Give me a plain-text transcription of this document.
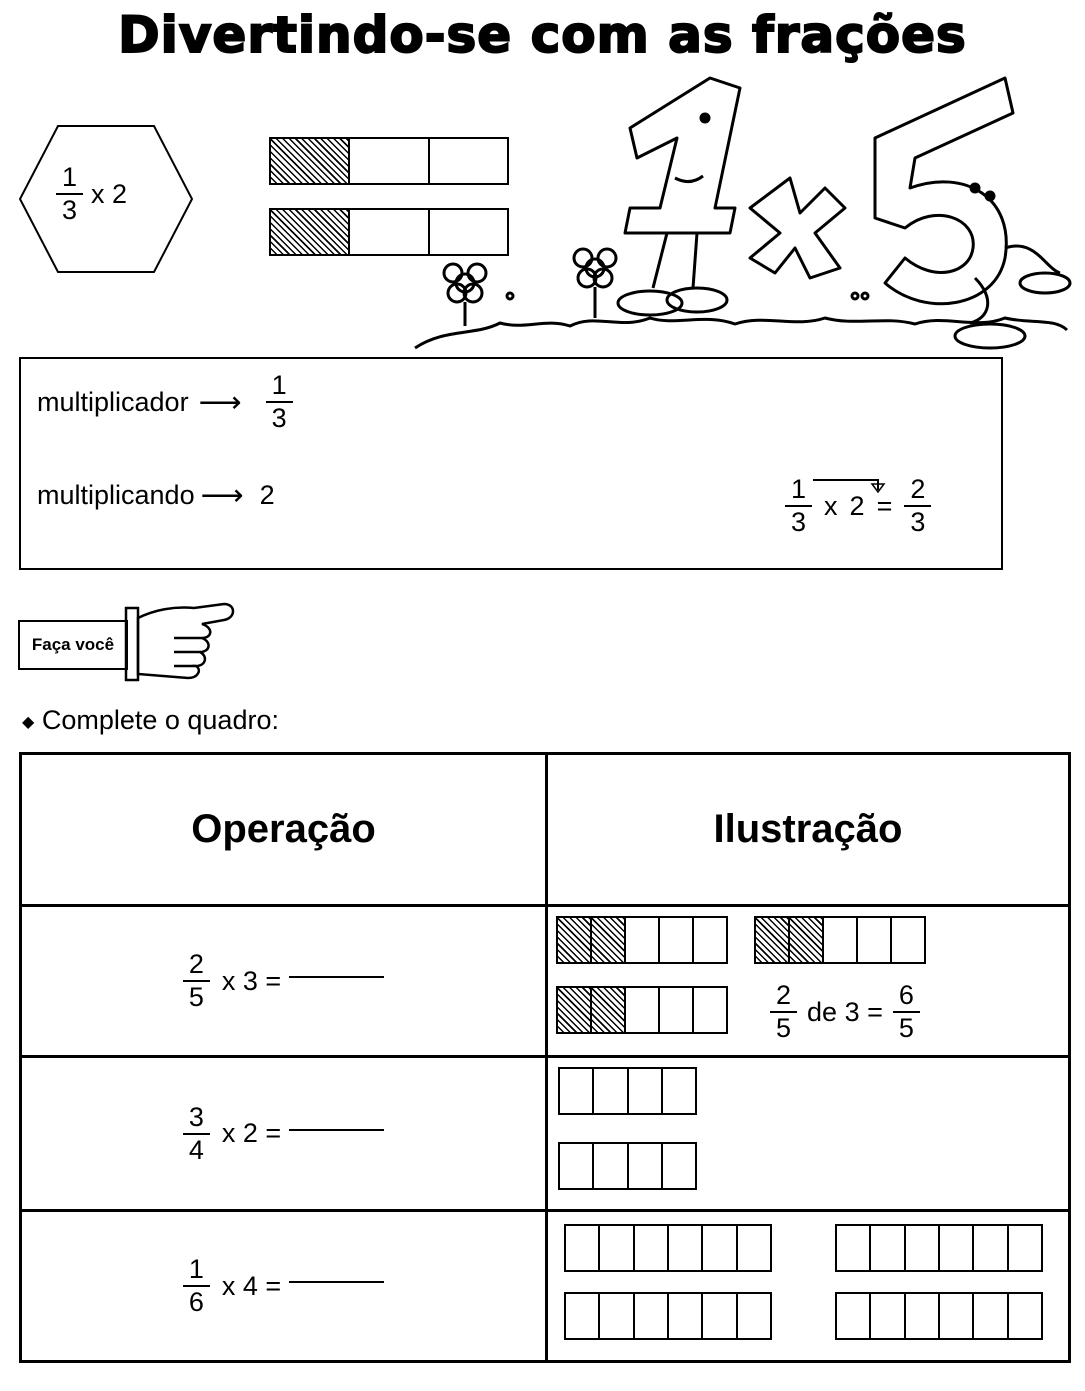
Divertindo-se com as frações
$\frac{1}{3}$ x 2
multiplicador ⟶ $\frac{1}{3}$
multiplicando ⟶ 2	$\frac{1}{3}$ x $2 = \frac{2}{3}$
Faça você
◆ Complete o quadro:
Operação	Ilustração

$\frac{2}{5}$ x 3 =	$\frac{2}{5}$ de $3 = \frac{6}{5}$

$\frac{3}{4}$ x 2 =	

$\frac{1}{6}$ x 4 =	
